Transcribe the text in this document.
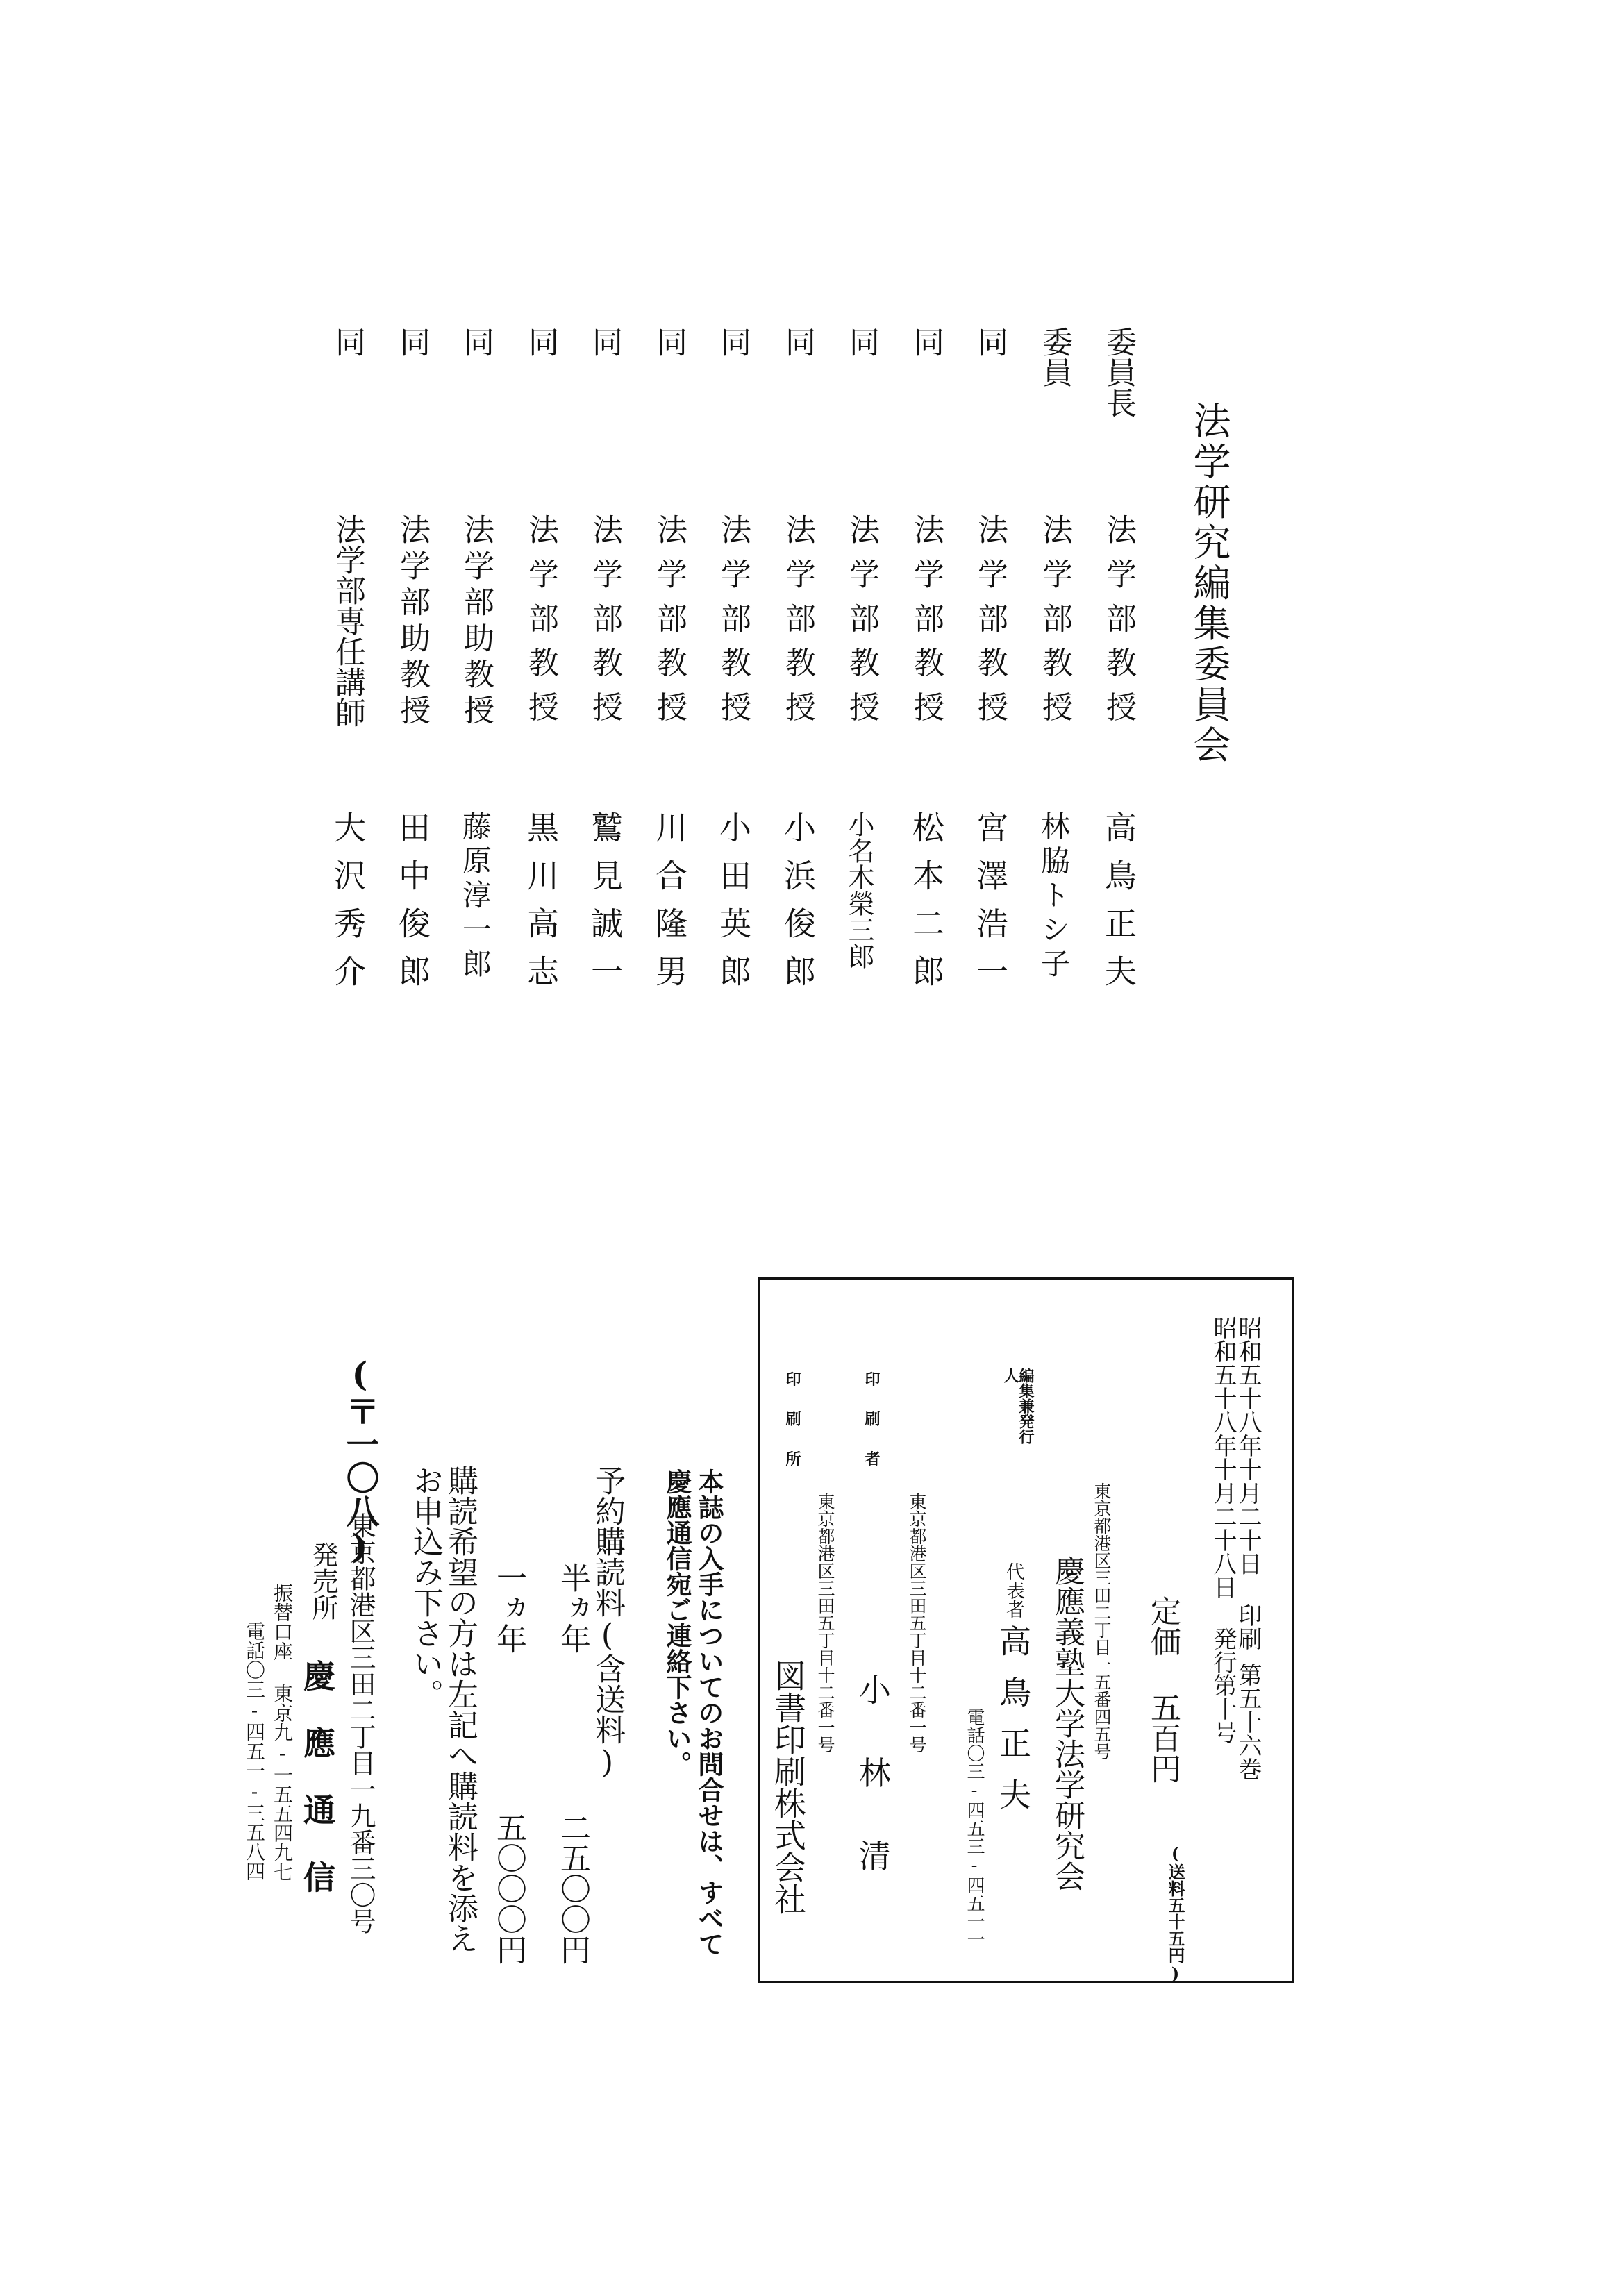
法学研究編集委員会
委員長
法学部教授
高鳥正夫
委員
法学部教授
林脇トシ子
同
法学部教授
宮澤浩一
同
法学部教授
松本二郎
同
法学部教授
小名木榮三郎
同
法学部教授
小浜俊郎
同
法学部教授
小田英郎
同
法学部教授
川合隆男
同
法学部教授
鷲見誠一
同
法学部教授
黒川高志
同
法学部助教授
藤原淳一郎
同
法学部助教授
田中俊郎
同
法学部専任講師
大沢秀介
昭和五十八年十月二十日 印刷
昭和五十八年十月二十八日 発行
第五十六巻
第十号
定価 五百円
(送料五十五円)
編集兼発行人
東京都港区三田二丁目一五番四五号
慶應義塾大学法学研究会
代表者
高鳥正夫
電話〇三-四五三-四五一一
印刷者
東京都港区三田五丁目十二番一号
小林清
印刷所
東京都港区三田五丁目十二番一号
図書印刷株式会社
本誌の入手についてのお問合せは、すべて
慶應通信宛ご連絡下さい。
予約購読料(含送料)
半ヵ年
二五〇〇円
一ヵ年
五〇〇〇円
購読希望の方は左記へ購読料を添え
お申込み下さい。
(〒一〇八)
東京都港区三田二丁目一九番三〇号
発売所
慶應通信
振替口座 東京九-一五五四九七
電話〇三-四五一-三五八四
